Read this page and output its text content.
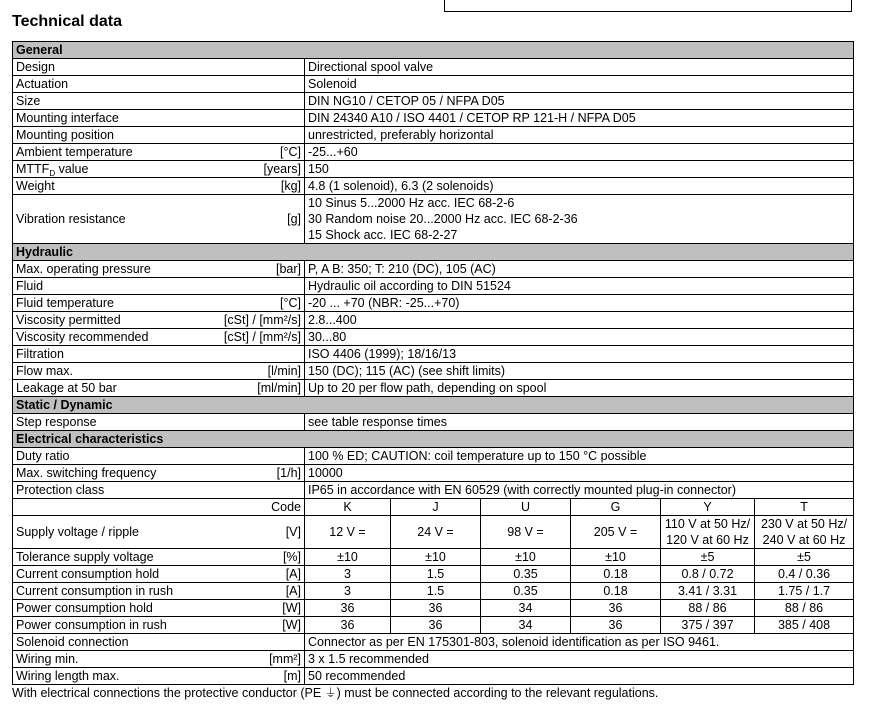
Technical data
General							
Design		Directional spool valve					
Actuation		Solenoid					
Size		DIN NG10 / CETOP 05 / NFPA D05					
Mounting interface		DIN 24340 A10 / ISO 4401 / CETOP RP 121-H / NFPA D05					
Mounting position		unrestricted, preferably horizontal					
Ambient temperature	[°C]	-25...+60					
$MTTF_D$ value	[years]	150					
Weight	[kg]	4.8 (1 solenoid), 6.3 (2 solenoids)					
Vibration resistance	[g]	10 Sinus 5...2000 Hz acc. IEC 68-2-6
30 Random noise 20...2000 Hz acc. IEC 68-2-36
15 Shock acc. IEC 68-2-27					

Hydraulic							
Max. operating pressure	[bar]	P, A B: 350; T: 210 (DC), 105 (AC)					
Fluid		Hydraulic oil according to DIN 51524					
Fluid temperature	[°C]	-20 ... +70 (NBR: -25...+70)					
Viscosity permitted	[cSt] / [mm²/s]	2.8...400					
Viscosity recommended	[cSt] / [mm²/s]	30...80					
Filtration		ISO 4406 (1999); 18/16/13					
Flow max.	[l/min]	150 (DC); 115 (AC) (see shift limits)					
Leakage at 50 bar	[ml/min]	Up to 20 per flow path, depending on spool					
Static / Dynamic							
Step response		see table response times					
Electrical characteristics							
Duty ratio		100 % ED; CAUTION: coil temperature up to 150 °C possible					
Max. switching frequency	[1/h]	10000					
Protection class		IP65 in accordance with EN 60529 (with correctly mounted plug-in connector)					
	Code	K	J	U	G	Y	T
Supply voltage / ripple	[V]	12 V =	24 V =	98 V =	205 V =	110 V at 50 Hz/
120 V at 60 Hz	230 V at 50 Hz/
240 V at 60 Hz

Tolerance supply voltage	[%]	±10	±10	±10	±10	±5	±5
Current consumption hold	[A]	3	1.5	0.35	0.18	0.8 / 0.72	0.4 / 0.36
Current consumption in rush	[A]	3	1.5	0.35	0.18	3.41 / 3.31	1.75 / 1.7
Power consumption hold	[W]	36	36	34	36	88 / 86	88 / 86
Power consumption in rush	[W]	36	36	34	36	375 / 397	385 / 408
Solenoid connection		Connector as per EN 175301-803, solenoid identification as per ISO 9461.					
Wiring min.	[mm²]	3 x 1.5 recommended					
Wiring length max.	[m]	50 recommended					
With electrical connections the protective conductor (PE ⏚) must be connected according to the relevant regulations.
